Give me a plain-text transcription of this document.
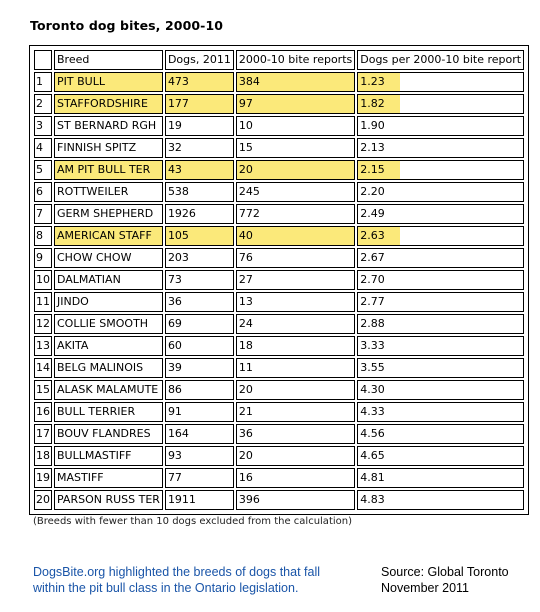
Toronto dog bites, 2000-10
	Breed	Dogs, 2011	2000-10 bite reports	Dogs per 2000-10 bite report
1	PIT BULL	473	384	1.23
2	STAFFORDSHIRE	177	97	1.82
3	ST BERNARD RGH	19	10	1.90
4	FINNISH SPITZ	32	15	2.13
5	AM PIT BULL TER	43	20	2.15
6	ROTTWEILER	538	245	2.20
7	GERM SHEPHERD	1926	772	2.49
8	AMERICAN STAFF	105	40	2.63
9	CHOW CHOW	203	76	2.67
10	DALMATIAN	73	27	2.70
11	JINDO	36	13	2.77
12	COLLIE SMOOTH	69	24	2.88
13	AKITA	60	18	3.33
14	BELG MALINOIS	39	11	3.55
15	ALASK MALAMUTE	86	20	4.30
16	BULL TERRIER	91	21	4.33
17	BOUV FLANDRES	164	36	4.56
18	BULLMASTIFF	93	20	4.65
19	MASTIFF	77	16	4.81
20	PARSON RUSS TER	1911	396	4.83
(Breeds with fewer than 10 dogs excluded from the calculation)
DogsBite.org highlighted the breeds of dogs that fall within the pit bull class in the Ontario legislation.
Source: Global Toronto
November 2011
